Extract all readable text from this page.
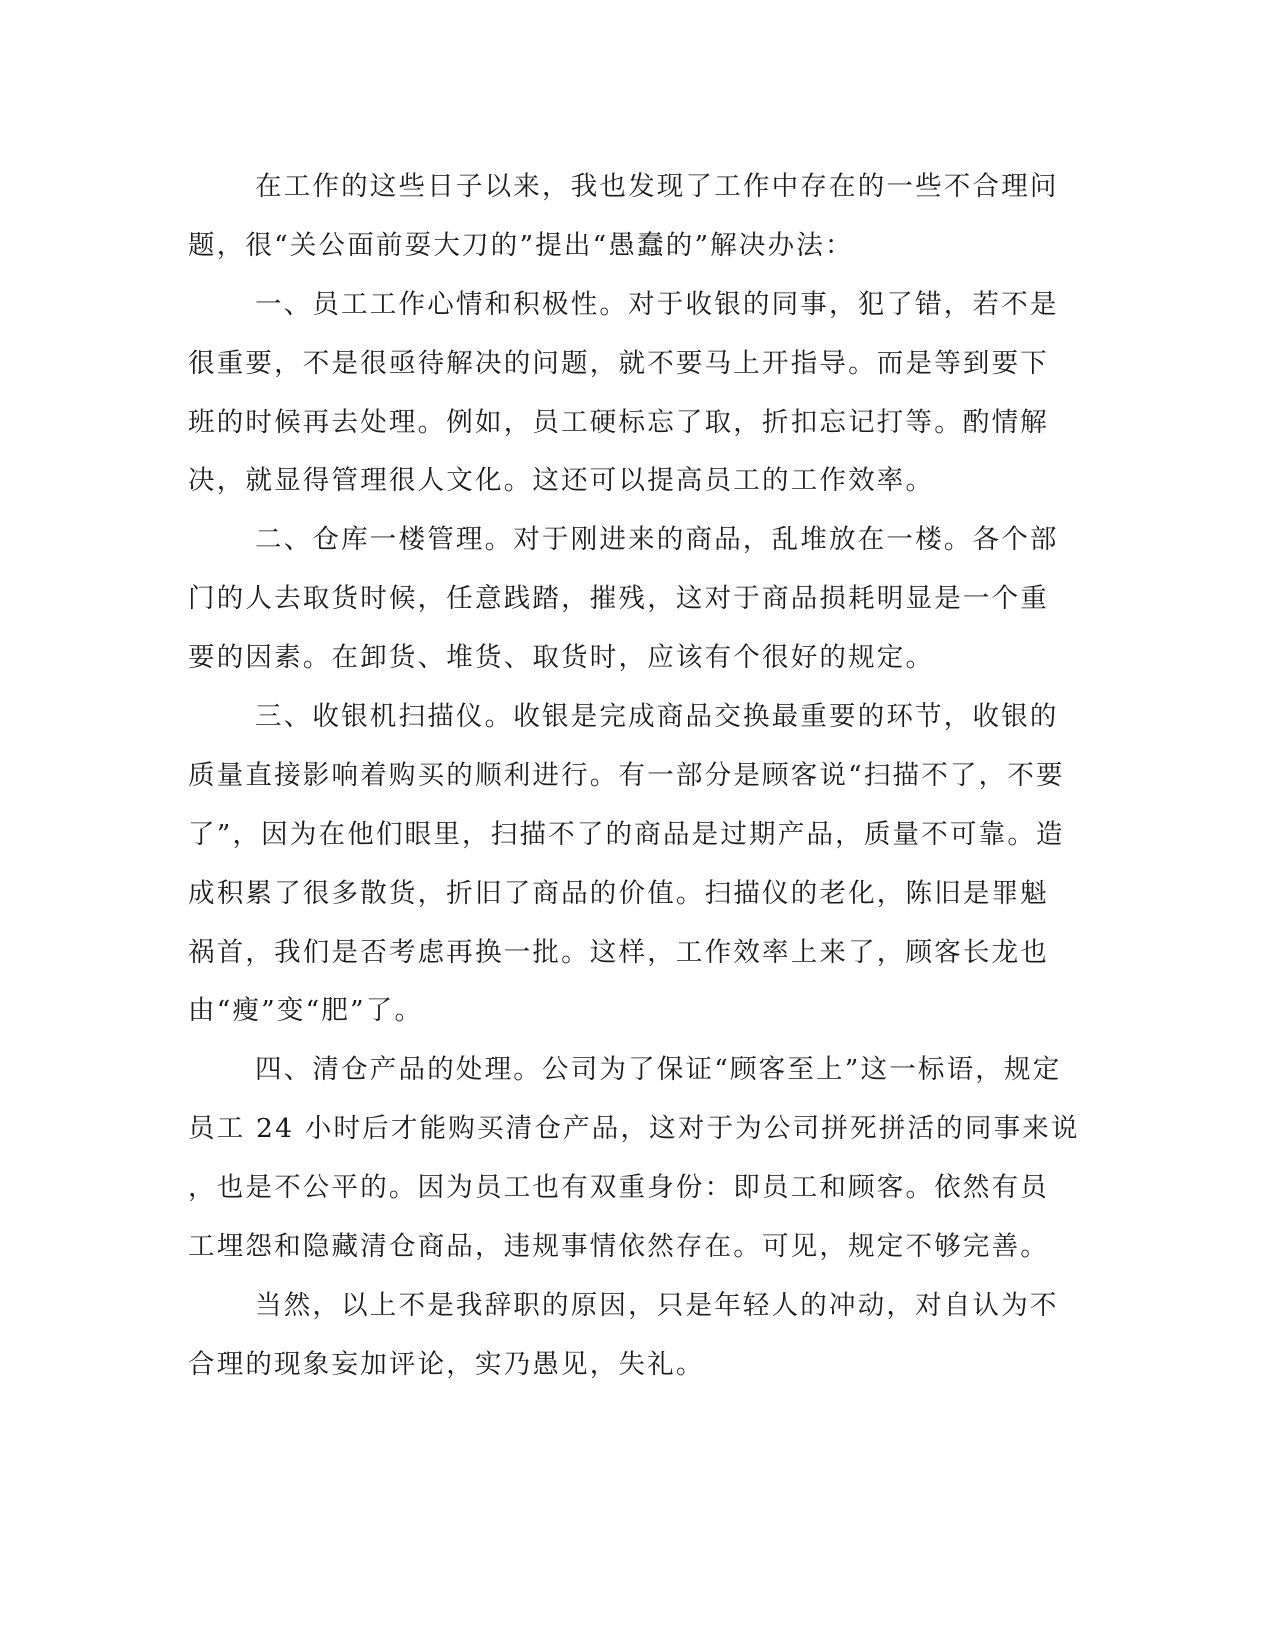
在工作的这些日子以来，我也发现了工作中存在的一些不合理问
题，很“关公面前耍大刀的”提出“愚蠢的”解决办法：
一、员工工作心情和积极性。对于收银的同事，犯了错，若不是
很重要，不是很亟待解决的问题，就不要马上开指导。而是等到要下
班的时候再去处理。例如，员工硬标忘了取，折扣忘记打等。酌情解
决，就显得管理很人文化。这还可以提高员工的工作效率。
二、仓库一楼管理。对于刚进来的商品，乱堆放在一楼。各个部
门的人去取货时候，任意践踏，摧残，这对于商品损耗明显是一个重
要的因素。在卸货、堆货、取货时，应该有个很好的规定。
三、收银机扫描仪。收银是完成商品交换最重要的环节，收银的
质量直接影响着购买的顺利进行。有一部分是顾客说“扫描不了，不要
了”，因为在他们眼里，扫描不了的商品是过期产品，质量不可靠。造
成积累了很多散货，折旧了商品的价值。扫描仪的老化，陈旧是罪魁
祸首，我们是否考虑再换一批。这样，工作效率上来了，顾客长龙也
由“瘦”变“肥”了。
四、清仓产品的处理。公司为了保证“顾客至上”这一标语，规定
员工 24 小时后才能购买清仓产品，这对于为公司拼死拼活的同事来说
，也是不公平的。因为员工也有双重身份：即员工和顾客。依然有员
工埋怨和隐藏清仓商品，违规事情依然存在。可见，规定不够完善。
当然，以上不是我辞职的原因，只是年轻人的冲动，对自认为不
合理的现象妄加评论，实乃愚见，失礼。
